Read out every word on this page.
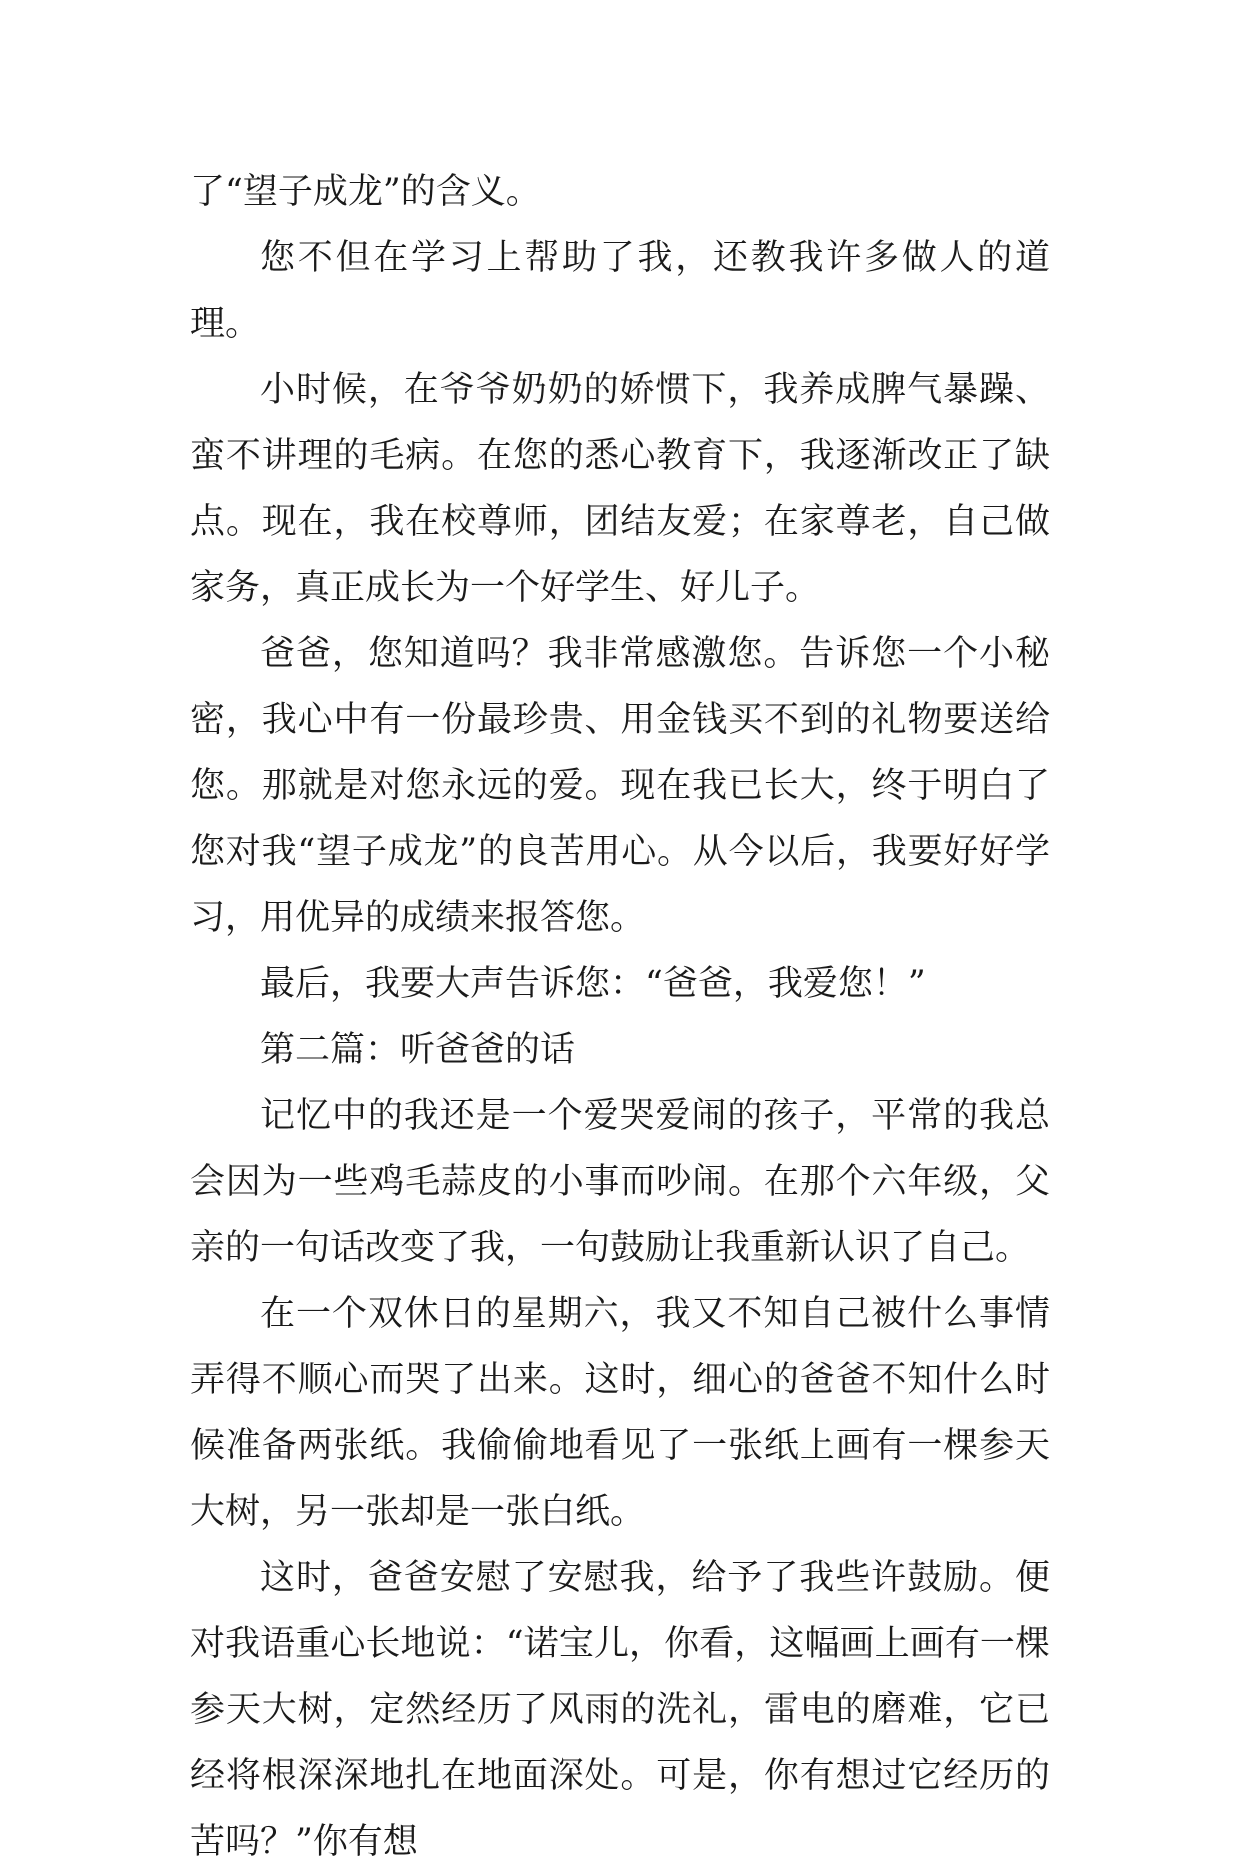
了“望子成龙”的含义。

您不但在学习上帮助了我，还教我许多做人的道理。

小时候，在爷爷奶奶的娇惯下，我养成脾气暴躁、蛮不讲理的毛病。在您的悉心教育下，我逐渐改正了缺点。现在，我在校尊师，团结友爱；在家尊老，自己做家务，真正成长为一个好学生、好儿子。

爸爸，您知道吗？我非常感激您。告诉您一个小秘密，我心中有一份最珍贵、用金钱买不到的礼物要送给您。那就是对您永远的爱。现在我已长大，终于明白了您对我“望子成龙”的良苦用心。从今以后，我要好好学习，用优异的成绩来报答您。

最后，我要大声告诉您：“爸爸，我爱您！”

第二篇：听爸爸的话

记忆中的我还是一个爱哭爱闹的孩子，平常的我总会因为一些鸡毛蒜皮的小事而吵闹。在那个六年级，父亲的一句话改变了我，一句鼓励让我重新认识了自己。

在一个双休日的星期六，我又不知自己被什么事情弄得不顺心而哭了出来。这时，细心的爸爸不知什么时候准备两张纸。我偷偷地看见了一张纸上画有一棵参天大树，另一张却是一张白纸。

这时，爸爸安慰了安慰我，给予了我些许鼓励。便对我语重心长地说：“诺宝儿，你看，这幅画上画有一棵参天大树，定然经历了风雨的洗礼，雷电的磨难，它已经将根深深地扎在地面深处。可是，你有想过它经历的苦吗？”你有想
